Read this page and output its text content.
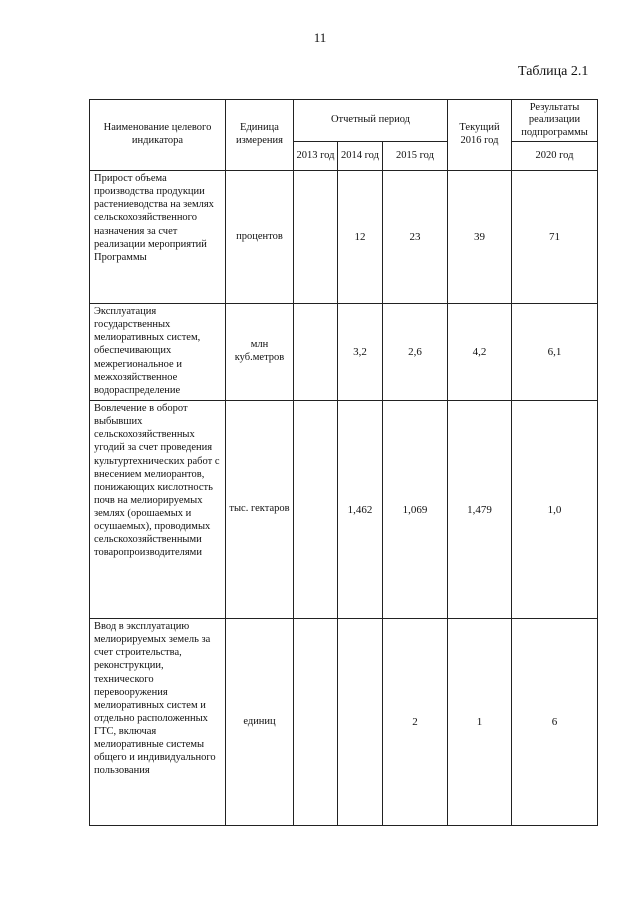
11
Таблица 2.1
Наименование целевого индикатора	Единица измерения	Отчетный период			Текущий 2016 год	Результаты реализации подпрограммы
		2013 год	2014 год	2015 год		2020 год
Прирост объема производства продукции растениеводства на землях сельскохозяйственного назначения за счет реализации мероприятий Программы	процентов		12	23	39	71
Эксплуатация государственных мелиоративных систем, обеспечивающих межрегиональное и межхозяйственное водораспределение	млн куб.метров		3,2	2,6	4,2	6,1
Вовлечение в оборот выбывших сельскохозяйственных угодий за счет проведения культуртехнических работ с внесением мелиорантов, понижающих кислотность почв на мелиорируемых землях (орошаемых и осушаемых), проводимых сельскохозяйственными товаропроизводителями	тыс. гектаров		1,462	1,069	1,479	1,0
Ввод в эксплуатацию мелиорируемых земель за счет строительства, реконструкции, технического перевооружения мелиоративных систем и отдельно расположенных ГТС, включая мелиоративные системы общего и индивидуального пользования	единиц			2	1	6
